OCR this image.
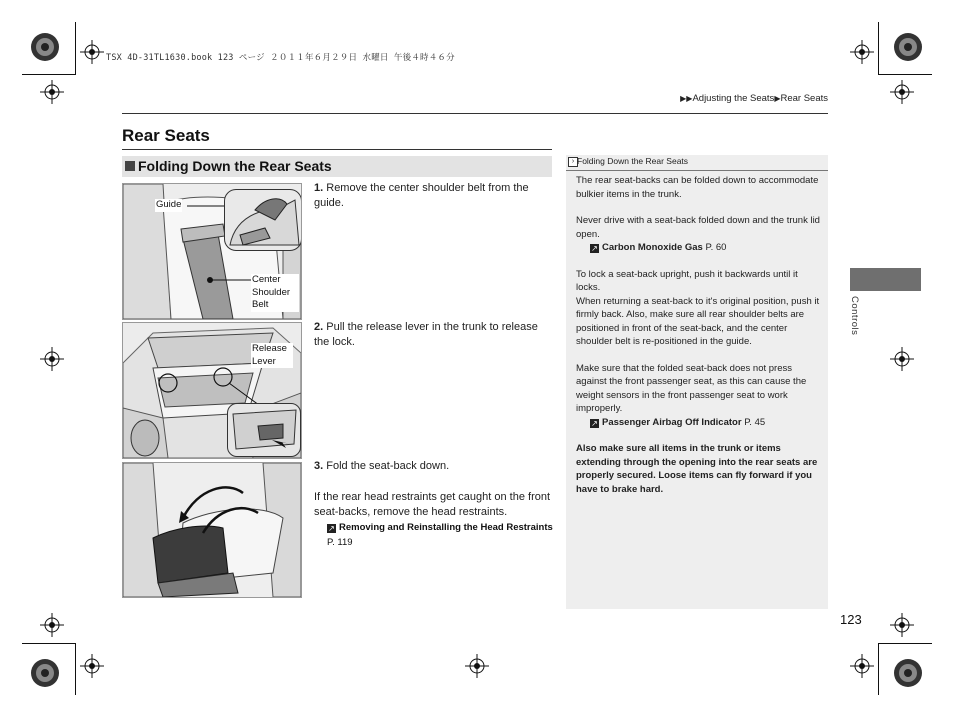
TSX 4D-31TL1630.book 123 ページ ２０１１年６月２９日 水曜日 午後４時４６分
▶▶Adjusting the Seats▶Rear Seats
Rear Seats
Folding Down the Rear Seats
Guide
Center Shoulder Belt
Release Lever
1. Remove the center shoulder belt from the guide.
2. Pull the release lever in the trunk to release the lock.
3. Fold the seat-back down.
If the rear head restraints get caught on the front seat-backs, remove the head restraints.
↗ Removing and Reinstalling the Head Restraints P. 119
› Folding Down the Rear Seats

The rear seat-backs can be folded down to accommodate bulkier items in the trunk.

Never drive with a seat-back folded down and the trunk lid open.

↗ Carbon Monoxide Gas P. 60

To lock a seat-back upright, push it backwards until it locks.

When returning a seat-back to it's original position, push it firmly back. Also, make sure all rear shoulder belts are positioned in front of the seat-back, and the center shoulder belt is re-positioned in the guide.

Make sure that the folded seat-back does not press against the front passenger seat, as this can cause the weight sensors in the front passenger seat to work improperly.

↗ Passenger Airbag Off Indicator P. 45

Also make sure all items in the trunk or items extending through the opening into the rear seats are properly secured. Loose items can fly forward if you have to brake hard.

Controls
123
